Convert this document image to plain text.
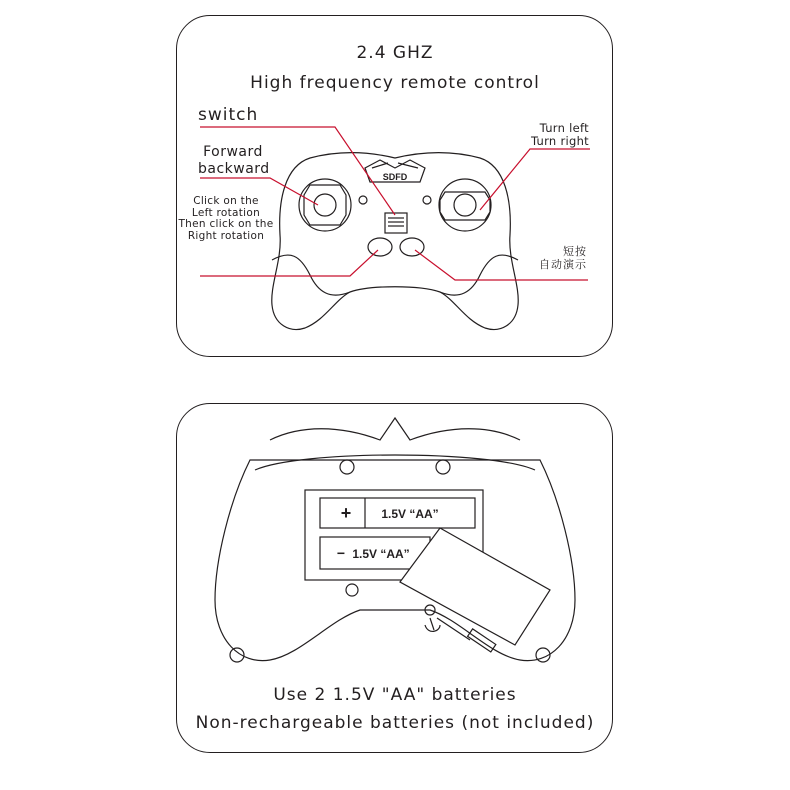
SDFD
+	1.5V “AA”
− 1.5V “AA”
2.4 GHZ
High frequency remote control
switch
Forward
backward
Click on the
Left rotation
Then click on the
Right rotation
Turn left
Turn right
短按
自动演示
Use 2 1.5V "AA" batteries
Non-rechargeable batteries (not included)
